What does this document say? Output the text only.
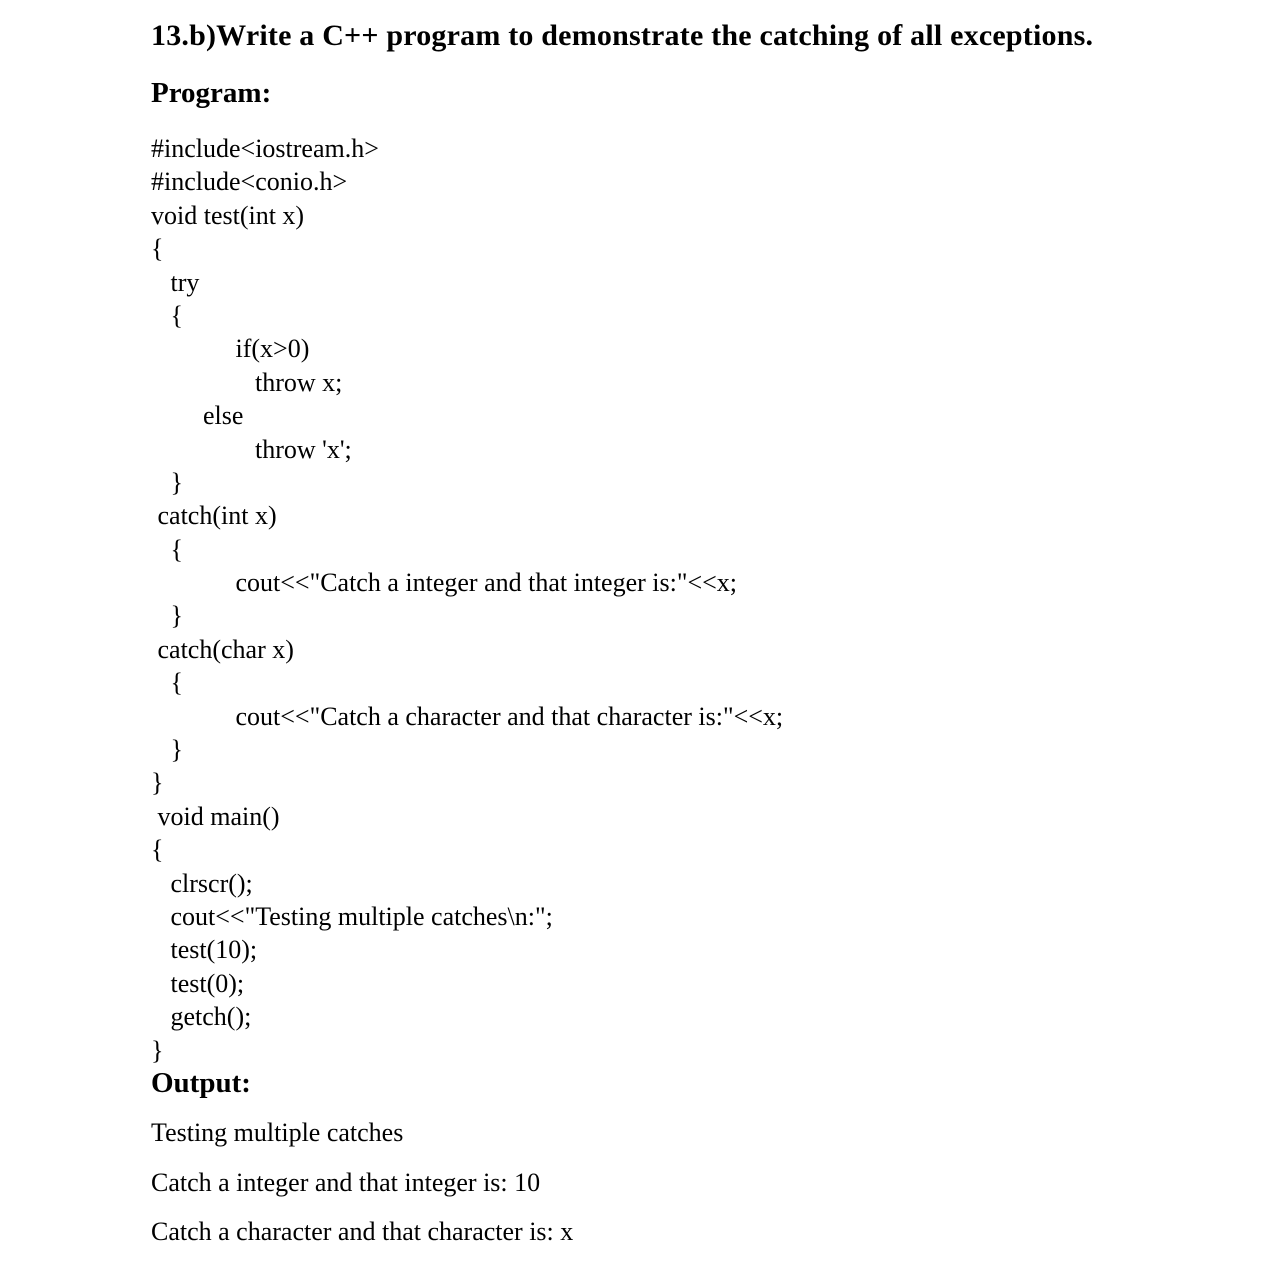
13.b)Write a C++ program to demonstrate the catching of all exceptions.
Program:
#include<iostream.h>
#include<conio.h>
void test(int x)
{
try
{
if(x>0)
throw x;
else
throw 'x';
}
catch(int x)
{
cout<<"Catch a integer and that integer is:"<<x;
}
catch(char x)
{
cout<<"Catch a character and that character is:"<<x;
}
}
void main()
{
clrscr();
cout<<"Testing multiple catches\n:";
test(10);
test(0);
getch();
}
Output:
Testing multiple catches
Catch a integer and that integer is: 10
Catch a character and that character is: x
